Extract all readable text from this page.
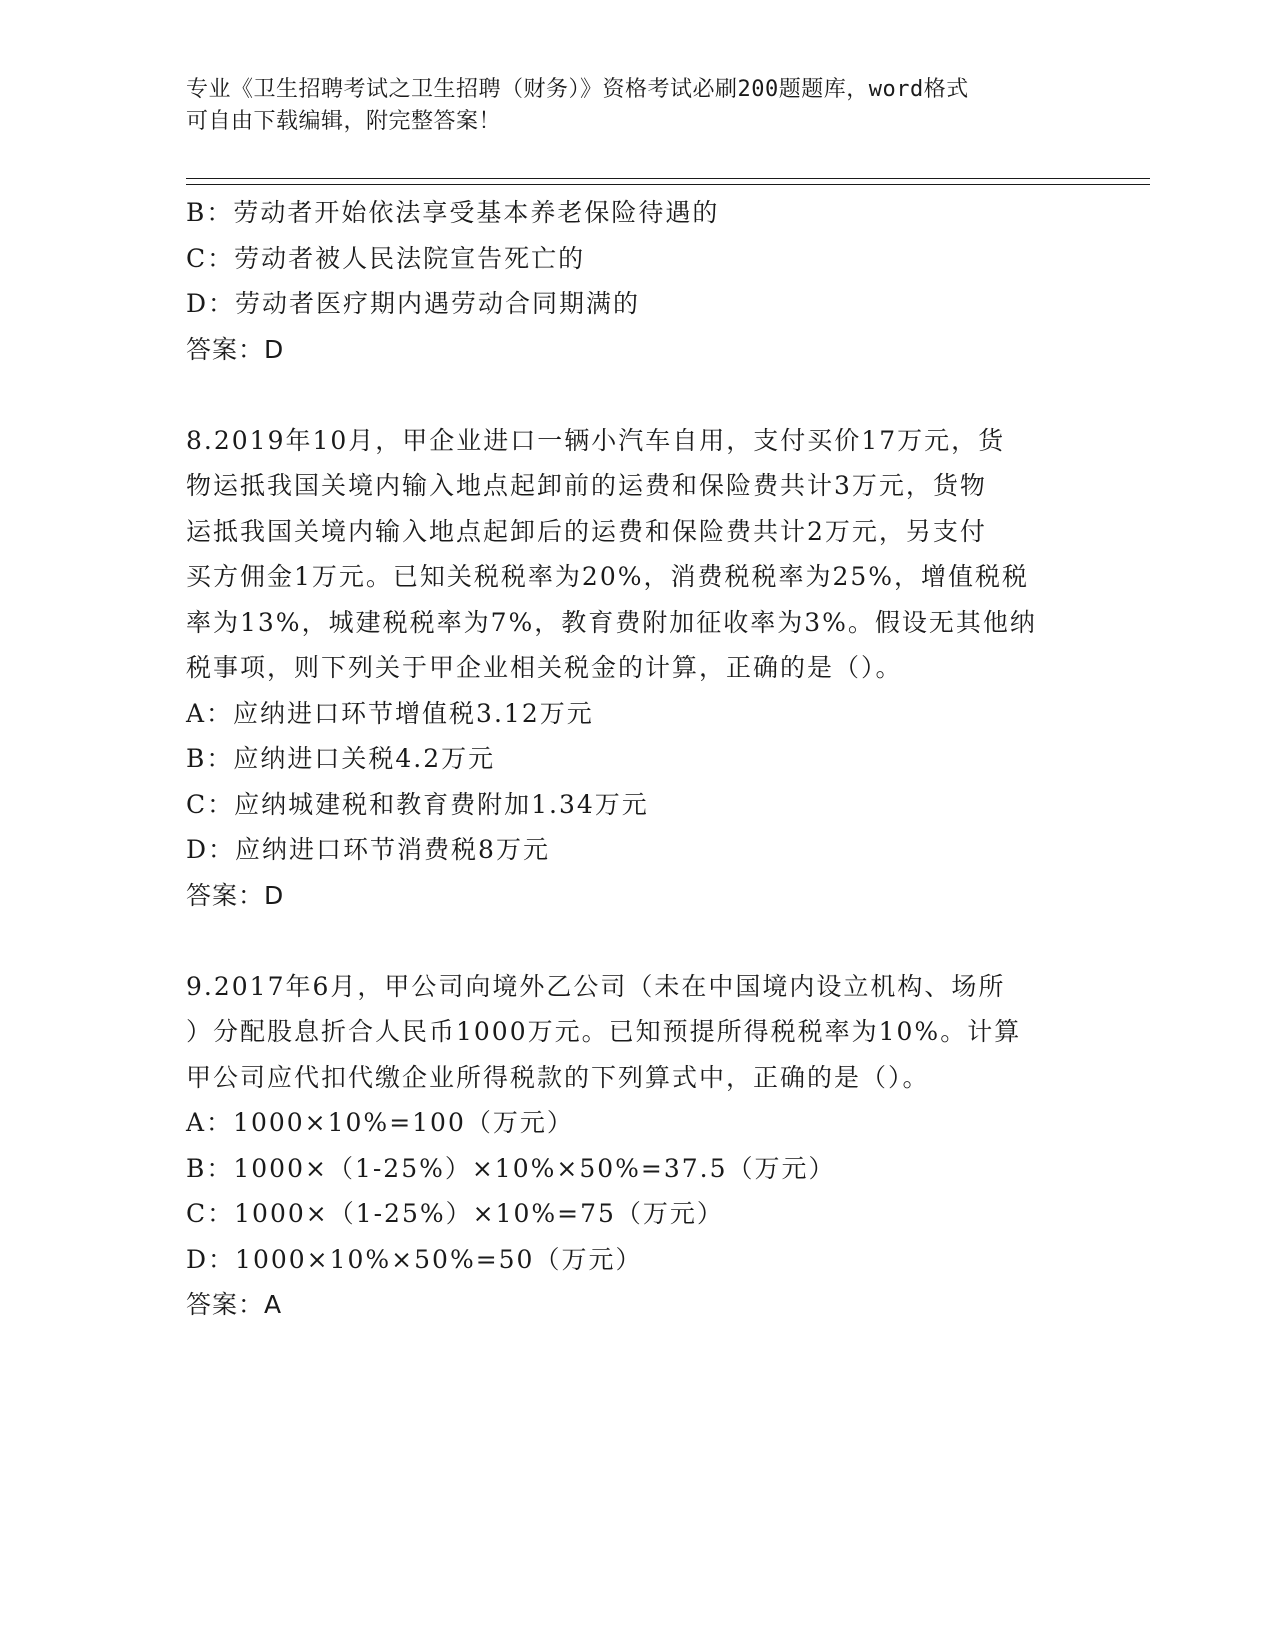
专业《卫生招聘考试之卫生招聘（财务）》资格考试必刷200题题库，word格式
可自由下载编辑，附完整答案！
B：劳动者开始依法享受基本养老保险待遇的
C：劳动者被人民法院宣告死亡的
D：劳动者医疗期内遇劳动合同期满的
答案：D
8.2019年10月，甲企业进口一辆小汽车自用，支付买价17万元，货
物运抵我国关境内输入地点起卸前的运费和保险费共计3万元，货物
运抵我国关境内输入地点起卸后的运费和保险费共计2万元，另支付
买方佣金1万元。已知关税税率为20%，消费税税率为25%，增值税税
率为13%，城建税税率为7%，教育费附加征收率为3%。假设无其他纳
税事项，则下列关于甲企业相关税金的计算，正确的是（）。
A：应纳进口环节增值税3.12万元
B：应纳进口关税4.2万元
C：应纳城建税和教育费附加1.34万元
D：应纳进口环节消费税8万元
答案：D
9.2017年6月，甲公司向境外乙公司（未在中国境内设立机构、场所
）分配股息折合人民币1000万元。已知预提所得税税率为10%。计算
甲公司应代扣代缴企业所得税款的下列算式中，正确的是（）。
A：1000×10%=100（万元）
B：1000×（1-25%）×10%×50%=37.5（万元）
C：1000×（1-25%）×10%=75（万元）
D：1000×10%×50%=50（万元）
答案：A
